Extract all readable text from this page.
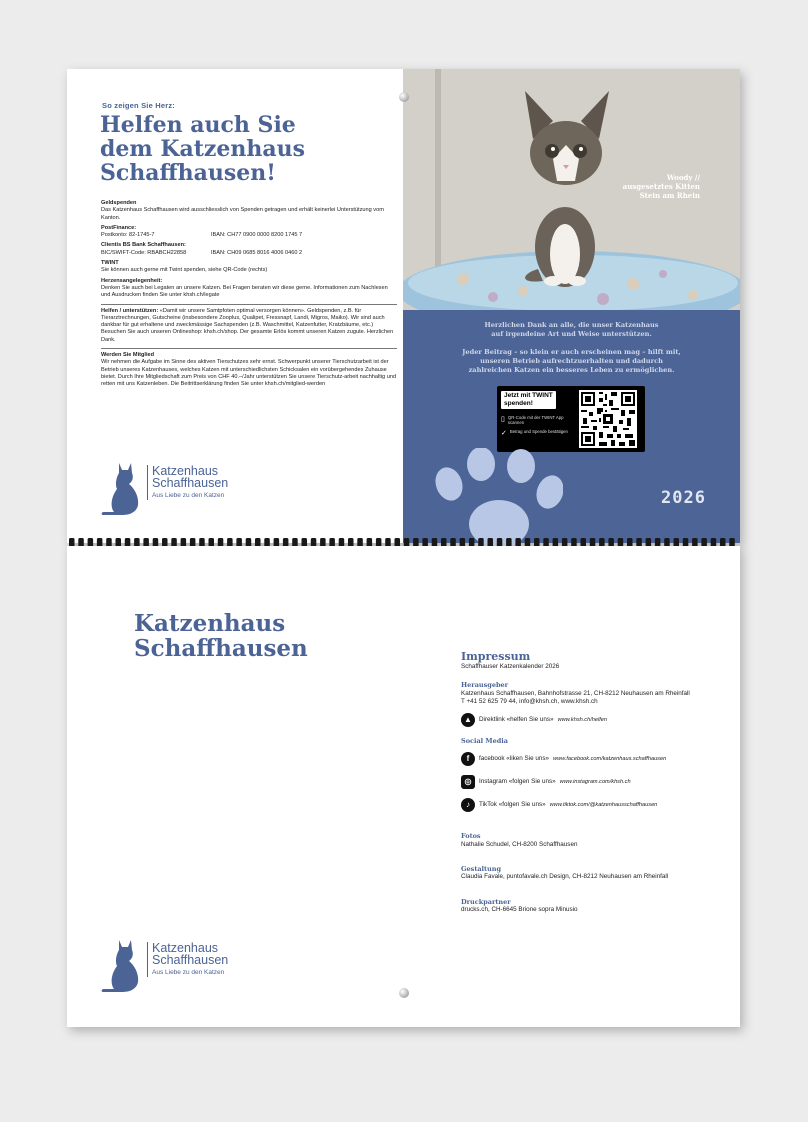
So zeigen Sie Herz:
Helfen auch Sie
dem Katzenhaus
Schaffhausen!
Geldspenden
Das Katzenhaus Schaffhausen wird ausschliesslich von Spenden getragen und erhält keinerlei Unterstützung vom Kanton.
PostFinance:
Postkonto: 82-1745-7	IBAN: CH77 0900 0000 8200 1745 7
Clientis BS Bank Schaffhausen:
BIC/SWIFT-Code: RBABCH22858	IBAN: CH09 0685 8016 4006 0460 2
TWINT
Sie können auch gerne mit Twint spenden, siehe QR-Code (rechts)
Herzensangelegenheit:
Denken Sie auch bei Legaten an unsere Katzen. Bei Fragen beraten wir diese gerne. Informationen zum Nachlesen und Ausdrucken finden Sie unter khsh.ch/legate
Helfen / unterstützen: «Damit wir unsere Samtpfoten optimal versorgen können». Geldspenden, z.B. für Tierarztrechnungen, Gutscheine (insbesondere Zooplus, Qualipet, Fressnapf, Landi, Migros, Maiko). Wir sind auch dankbar für gut erhaltene und zweckmässige Sachspenden (z.B. Waschmittel, Katzenfutter, Kratzbäume, etc.) Besuchen Sie auch unseren Onlineshop: khsh.ch/shop. Der gesamte Erlös kommt unseren Katzen zugute. Herzlichen Dank.
Werden Sie Mitglied
Wir nehmen die Aufgabe im Sinne des aktiven Tierschutzes sehr ernst. Schwerpunkt unserer Tierschutzarbeit ist der Betrieb unseres Katzenhauses, welches Katzen mit unterschiedlichsten Schicksalen ein vorübergehendes Zuhause bietet. Durch Ihre Mitgliedschaft zum Preis von CHF 40.–/Jahr unterstützen Sie unsere Tierschutz-arbeit nachhaltig und retten mit uns Katzenleben. Die Beitrittserklärung finden Sie unter khsh.ch/mitglied-werden
Katzenhaus
Schaffhausen
Aus Liebe zu den Katzen
Woody //
ausgesetztes Kitten
Stein am Rhein
Herzlichen Dank an alle, die unser Katzenhaus
auf irgendeine Art und Weise unterstützen.
Jeder Beitrag – so klein er auch erscheinen mag – hilft mit,
unseren Betrieb aufrechtzuerhalten und dadurch
zahlreichen Katzen ein besseres Leben zu ermöglichen.
Jetzt mit TWINT
spenden!
▯ QR-Code mit der TWINT App scannen
✓ Betrag und Spende bestätigen
2026
Katzenhaus
Schaffhausen	Impressum
Schaffhauser Katzenkalender 2026
Herausgeber
Katzenhaus Schaffhausen, Bahnhofstrasse 21, CH-8212 Neuhausen am Rheinfall
T +41 52 625 79 44, info@khsh.ch, www.khsh.ch
▲	Direktlink «helfen Sie uns» www.khsh.ch/helfen
Social Media
f	facebook «liken Sie uns» www.facebook.com/katzenhaus.schaffhausen
◎	Instagram «folgen Sie uns» www.instagram.com/khsh.ch
♪	TikTok «folgen Sie uns» www.tiktok.com/@katzenhausschaffhausen
Fotos
Nathalie Schudel, CH-8200 Schaffhausen
Gestaltung
Claudia Favale, puntofavale.ch Design, CH-8212 Neuhausen am Rheinfall
Druckpartner
drucks.ch, CH-6645 Brione sopra Minusio
Katzenhaus
Schaffhausen
Aus Liebe zu den Katzen
